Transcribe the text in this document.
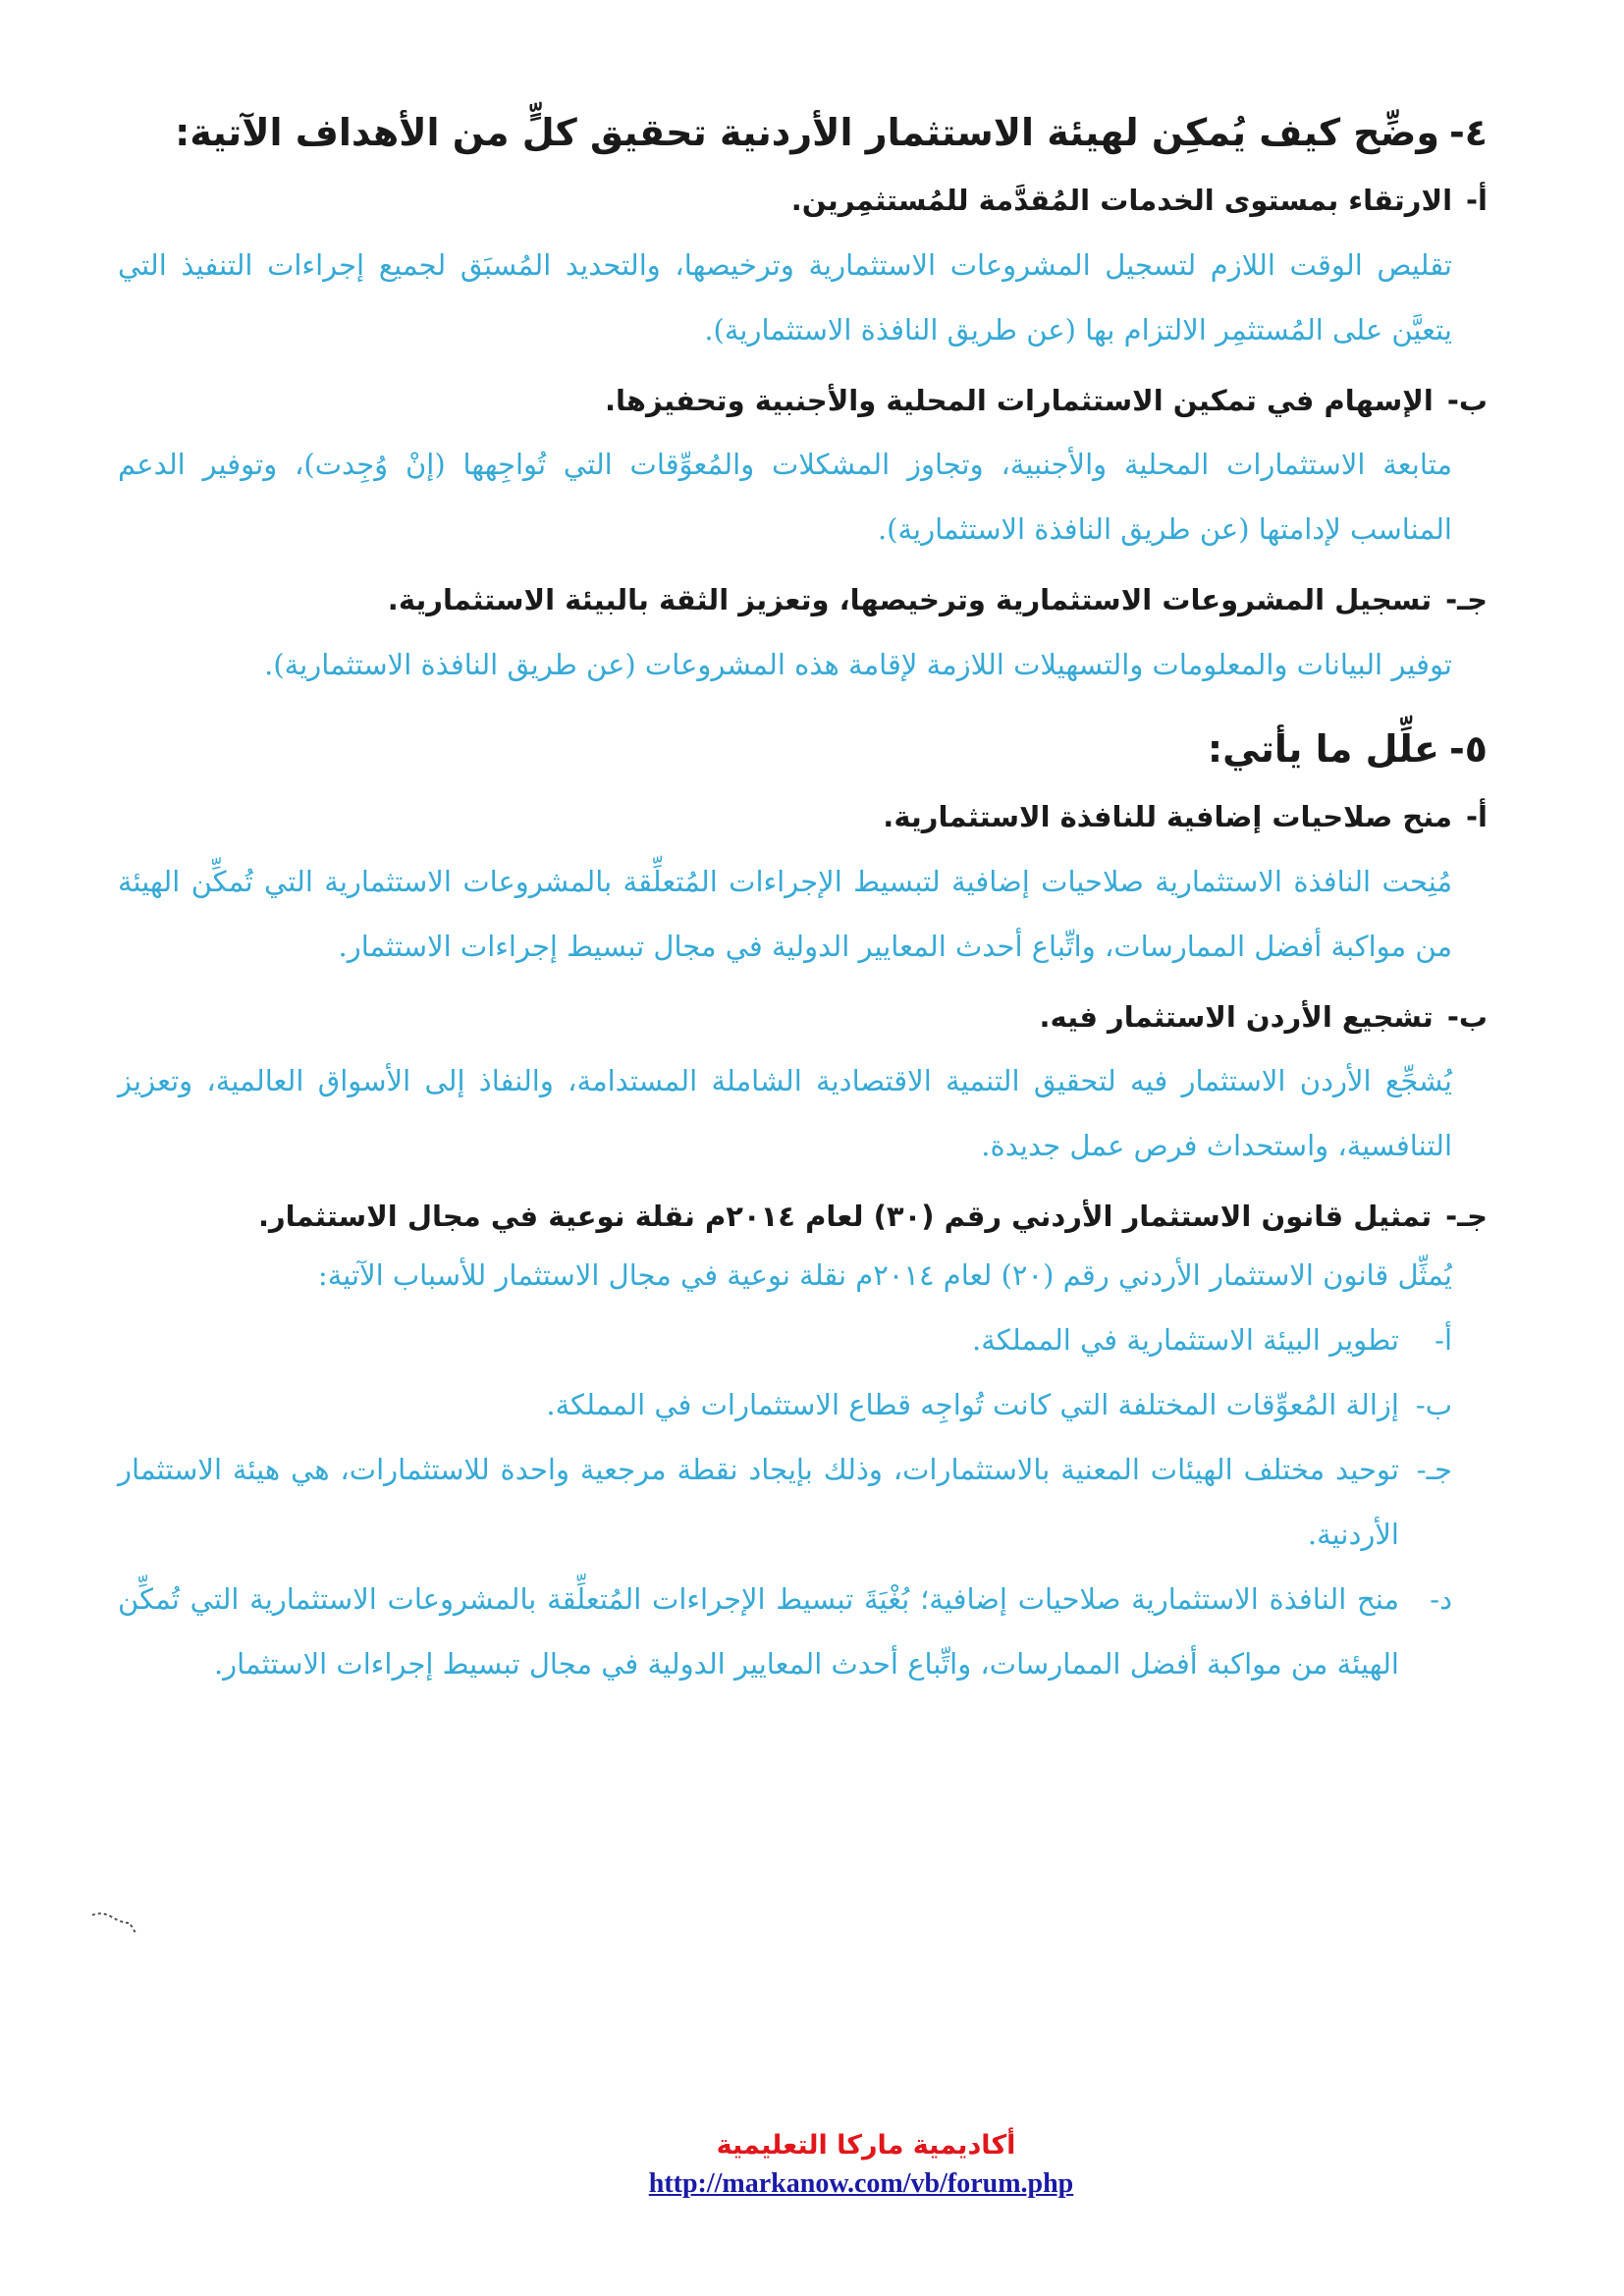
٤-وضِّح كيف يُمكِن لهيئة الاستثمار الأردنية تحقيق كلٍّ من الأهداف الآتية:

أ-الارتقاء بمستوى الخدمات المُقدَّمة للمُستثمِرين.

تقليص الوقت اللازم لتسجيل المشروعات الاستثمارية وترخيصها، والتحديد المُسبَق لجميع إجراءات التنفيذ التي يتعيَّن على المُستثمِر الالتزام بها (عن طريق النافذة الاستثمارية).

ب-الإسهام في تمكين الاستثمارات المحلية والأجنبية وتحفيزها.

متابعة الاستثمارات المحلية والأجنبية، وتجاوز المشكلات والمُعوِّقات التي تُواجِهها (إنْ وُجِدت)، وتوفير الدعم المناسب لإدامتها (عن طريق النافذة الاستثمارية).

جـ-تسجيل المشروعات الاستثمارية وترخيصها، وتعزيز الثقة بالبيئة الاستثمارية.

توفير البيانات والمعلومات والتسهيلات اللازمة لإقامة هذه المشروعات (عن طريق النافذة الاستثمارية).

٥-علِّل ما يأتي:

أ-منح صلاحيات إضافية للنافذة الاستثمارية.

مُنِحت النافذة الاستثمارية صلاحيات إضافية لتبسيط الإجراءات المُتعلِّقة بالمشروعات الاستثمارية التي تُمكِّن الهيئة من مواكبة أفضل الممارسات، واتِّباع أحدث المعايير الدولية في مجال تبسيط إجراءات الاستثمار.

ب-تشجيع الأردن الاستثمار فيه.

يُشجِّع الأردن الاستثمار فيه لتحقيق التنمية الاقتصادية الشاملة المستدامة، والنفاذ إلى الأسواق العالمية، وتعزيز التنافسية، واستحداث فرص عمل جديدة.

جـ-تمثيل قانون الاستثمار الأردني رقم (٣٠) لعام ٢٠١٤م نقلة نوعية في مجال الاستثمار.

يُمثِّل قانون الاستثمار الأردني رقم (٢٠) لعام ٢٠١٤م نقلة نوعية في مجال الاستثمار للأسباب الآتية:

أ-
تطوير البيئة الاستثمارية في المملكة.
ب-
إزالة المُعوِّقات المختلفة التي كانت تُواجِه قطاع الاستثمارات في المملكة.
جـ-
توحيد مختلف الهيئات المعنية بالاستثمارات، وذلك بإيجاد نقطة مرجعية واحدة للاستثمارات، هي هيئة الاستثمار الأردنية.
د-
منح النافذة الاستثمارية صلاحيات إضافية؛ بُغْيَةَ تبسيط الإجراءات المُتعلِّقة بالمشروعات الاستثمارية التي تُمكِّن الهيئة من مواكبة أفضل الممارسات، واتِّباع أحدث المعايير الدولية في مجال تبسيط إجراءات الاستثمار.

أكاديمية ماركا التعليمية

http://markanow.com/vb/forum.php
